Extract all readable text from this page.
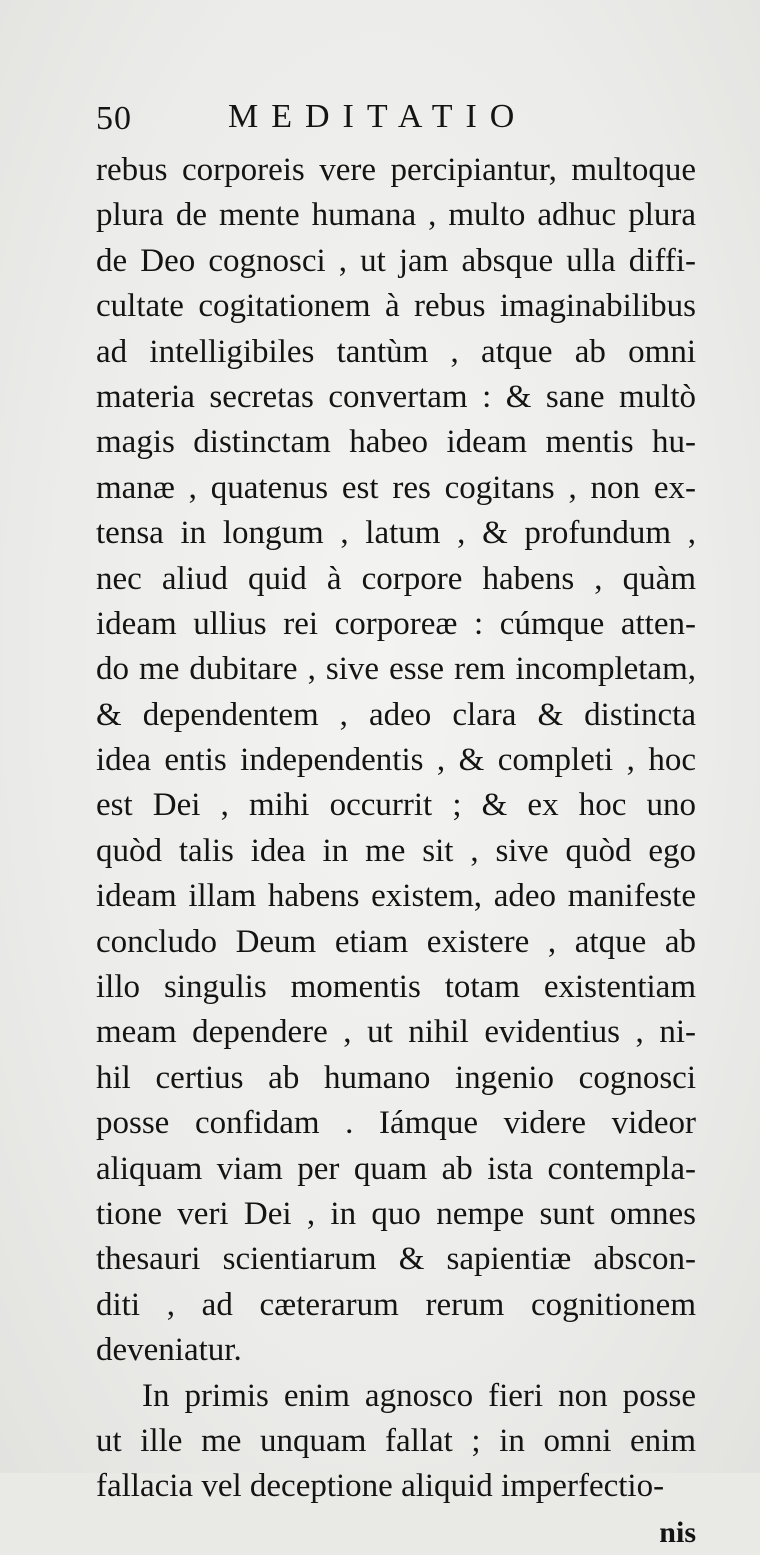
50	MEDITATIO
rebus corporeis vere percipiantur, multoque
plura de mente humana , multo adhuc plura
de Deo cognosci , ut jam absque ulla diffi-
cultate cogitationem à rebus imaginabilibus
ad intelligibiles tantùm , atque ab omni
materia secretas convertam : & sane multò
magis distinctam habeo ideam mentis hu-
manæ , quatenus est res cogitans , non ex-
tensa in longum , latum , & profundum ,
nec aliud quid à corpore habens , quàm
ideam ullius rei corporeæ : cúmque atten-
do me dubitare , sive esse rem incompletam,
& dependentem , adeo clara & distincta
idea entis independentis , & completi , hoc
est Dei , mihi occurrit ; & ex hoc uno
quòd talis idea in me sit , sive quòd ego
ideam illam habens existem, adeo manifeste
concludo Deum etiam existere , atque ab
illo singulis momentis totam existentiam
meam dependere , ut nihil evidentius , ni-
hil certius ab humano ingenio cognosci
posse confidam . Iámque videre videor
aliquam viam per quam ab ista contempla-
tione veri Dei , in quo nempe sunt omnes
thesauri scientiarum & sapientiæ abscon-
diti , ad cæterarum rerum cognitionem
deveniatur.
In primis enim agnosco fieri non posse
ut ille me unquam fallat ; in omni enim
fallacia vel deceptione aliquid imperfectio-
nis
